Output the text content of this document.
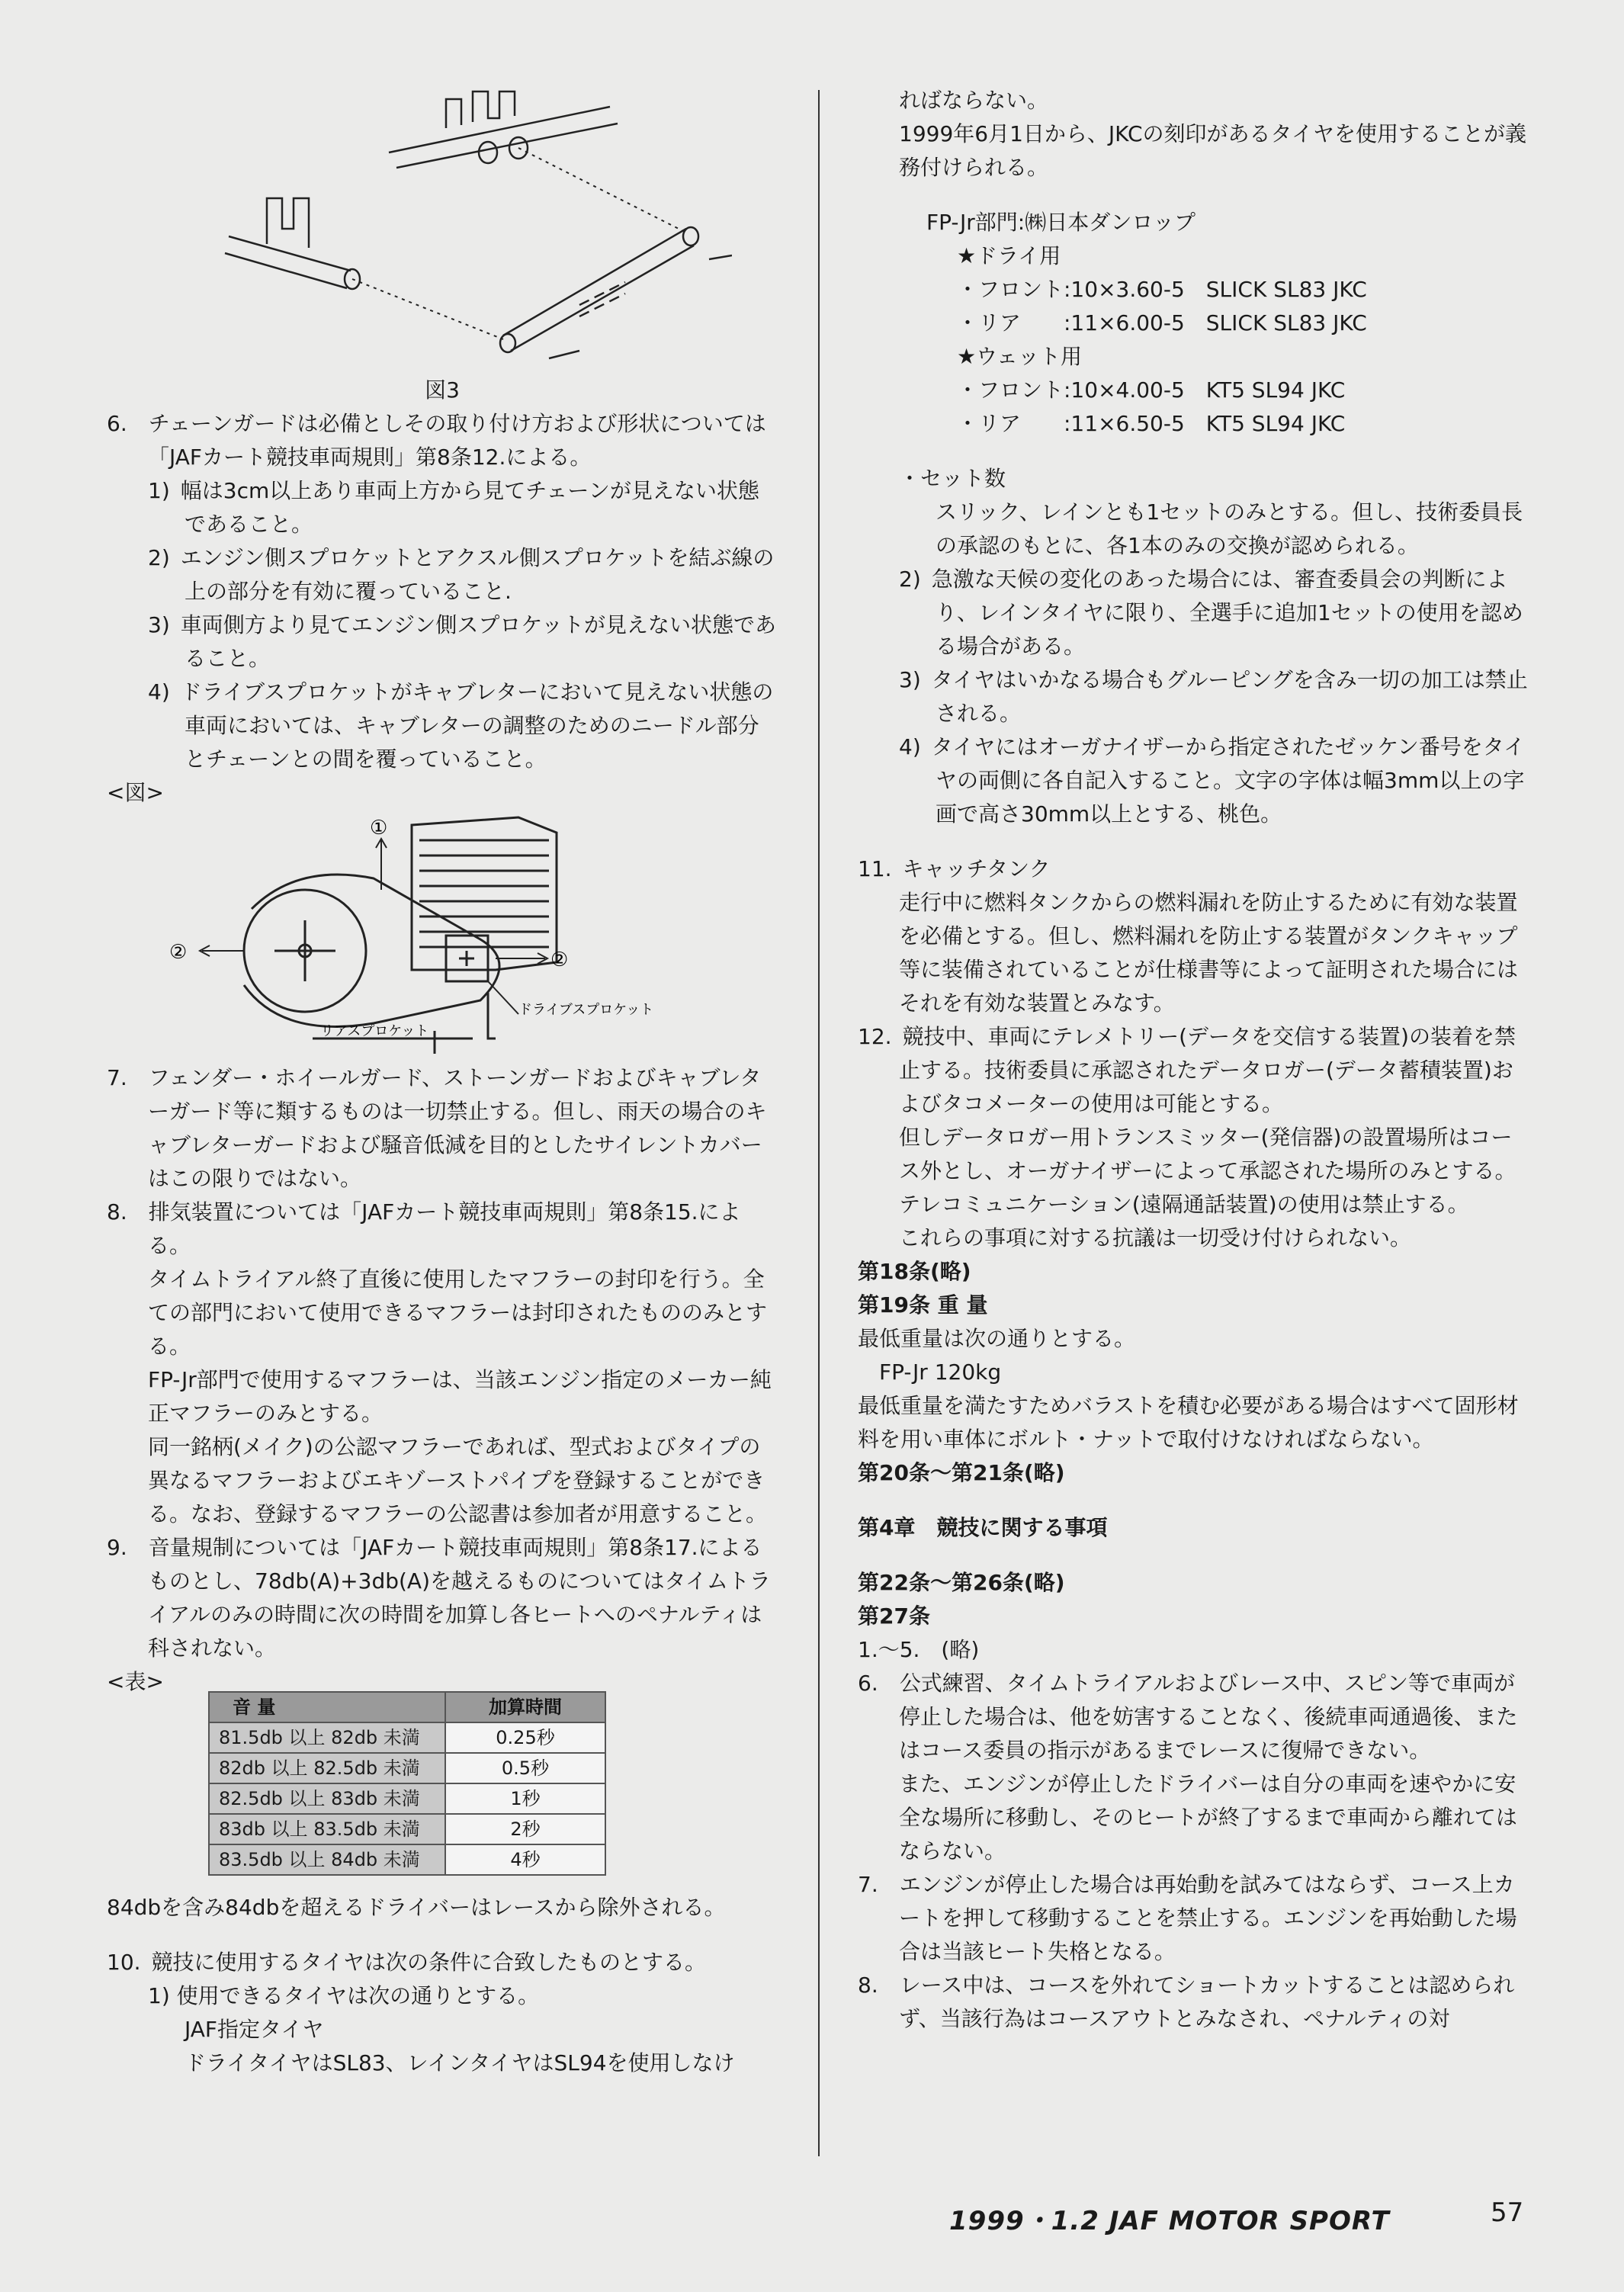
図3

6.　 チェーンガードは必備としその取り付け方および形状については「JAFカート競技車両規則」第8条12.による。

1)  幅は3cm以上あり車両上方から見てチェーンが見えない状態であること。

2)  エンジン側スプロケットとアクスル側スプロケットを結ぶ線の上の部分を有効に覆っていること.

3)  車両側方より見てエンジン側スプロケットが見えない状態であること。

4)  ドライブスプロケットがキャブレターにおいて見えない状態の車両においては、キャブレターの調整のためのニードル部分とチェーンとの間を覆っていること。

<図>

①
②	②
ドライブスプロケット
リアスプロケット

7.　 フェンダー・ホイールガード、ストーンガードおよびキャブレターガード等に類するものは一切禁止する。但し、雨天の場合のキャブレターガードおよび騒音低減を目的としたサイレントカバーはこの限りではない。

8.　 排気装置については「JAFカート競技車両規則」第8条15.による。

タイムトライアル終了直後に使用したマフラーの封印を行う。全ての部門において使用できるマフラーは封印されたもののみとする。

FP-Jr部門で使用するマフラーは、当該エンジン指定のメーカー純正マフラーのみとする。

同一銘柄(メイク)の公認マフラーであれば、型式およびタイプの異なるマフラーおよびエキゾーストパイプを登録することができる。なお、登録するマフラーの公認書は参加者が用意すること。

9.　 音量規制については「JAFカート競技車両規則」第8条17.によるものとし、78db(A)+3db(A)を越えるものについてはタイムトライアルのみの時間に次の時間を加算し各ヒートへのペナルティは科されない。

<表>

音 量	加算時間
81.5db 以上 82db 未満	0.25秒
82db 以上 82.5db 未満	0.5秒
82.5db 以上 83db 未満	1秒
83db 以上 83.5db 未満	2秒
83.5db 以上 84db 未満	4秒

84dbを含み84dbを超えるドライバーはレースから除外される。

10.  競技に使用するタイヤは次の条件に合致したものとする。

1) 使用できるタイヤは次の通りとする。

JAF指定タイヤ

ドライタイヤはSL83、レインタイヤはSL94を使用しなけ

ればならない。

1999年6月1日から、JKCの刻印があるタイヤを使用することが義務付けられる。

FP-Jr部門:㈱日本ダンロップ

★ドライ用

・フロント:10×3.60-5　SLICK SL83 JKC

・リア　　:11×6.00-5　SLICK SL83 JKC

★ウェット用

・フロント:10×4.00-5　KT5 SL94 JKC

・リア　　:11×6.50-5　KT5 SL94 JKC

・セット数

スリック、レインとも1セットのみとする。但し、技術委員長の承認のもとに、各1本のみの交換が認められる。

2)  急激な天候の変化のあった場合には、審査委員会の判断により、レインタイヤに限り、全選手に追加1セットの使用を認める場合がある。

3)  タイヤはいかなる場合もグルーピングを含み一切の加工は禁止される。

4)  タイヤにはオーガナイザーから指定されたゼッケン番号をタイヤの両側に各自記入すること。文字の字体は幅3mm以上の字画で高さ30mm以上とする、桃色。

11.  キャッチタンク

走行中に燃料タンクからの燃料漏れを防止するために有効な装置を必備とする。但し、燃料漏れを防止する装置がタンクキャップ等に装備されていることが仕様書等によって証明された場合にはそれを有効な装置とみなす。

12.  競技中、車両にテレメトリー(データを交信する装置)の装着を禁止する。技術委員に承認されたデータロガー(データ蓄積装置)およびタコメーターの使用は可能とする。

但しデータロガー用トランスミッター(発信器)の設置場所はコース外とし、オーガナイザーによって承認された場所のみとする。

テレコミュニケーション(遠隔通話装置)の使用は禁止する。

これらの事項に対する抗議は一切受け付けられない。

第18条(略)

第19条 重 量

最低重量は次の通りとする。

FP-Jr 120kg

最低重量を満たすためバラストを積む必要がある場合はすべて固形材料を用い車体にボルト・ナットで取付けなければならない。

第20条〜第21条(略)

第4章　競技に関する事項

第22条〜第26条(略)

第27条

1.〜5.　(略)

6.　 公式練習、タイムトライアルおよびレース中、スピン等で車両が停止した場合は、他を妨害することなく、後続車両通過後、またはコース委員の指示があるまでレースに復帰できない。

また、エンジンが停止したドライバーは自分の車両を速やかに安全な場所に移動し、そのヒートが終了するまで車両から離れてはならない。

7.　 エンジンが停止した場合は再始動を試みてはならず、コース上カートを押して移動することを禁止する。エンジンを再始動した場合は当該ヒート失格となる。

8.　 レース中は、コースを外れてショートカットすることは認められず、当該行為はコースアウトとみなされ、ペナルティの対

1999・1.2 JAF MOTOR SPORT	57
